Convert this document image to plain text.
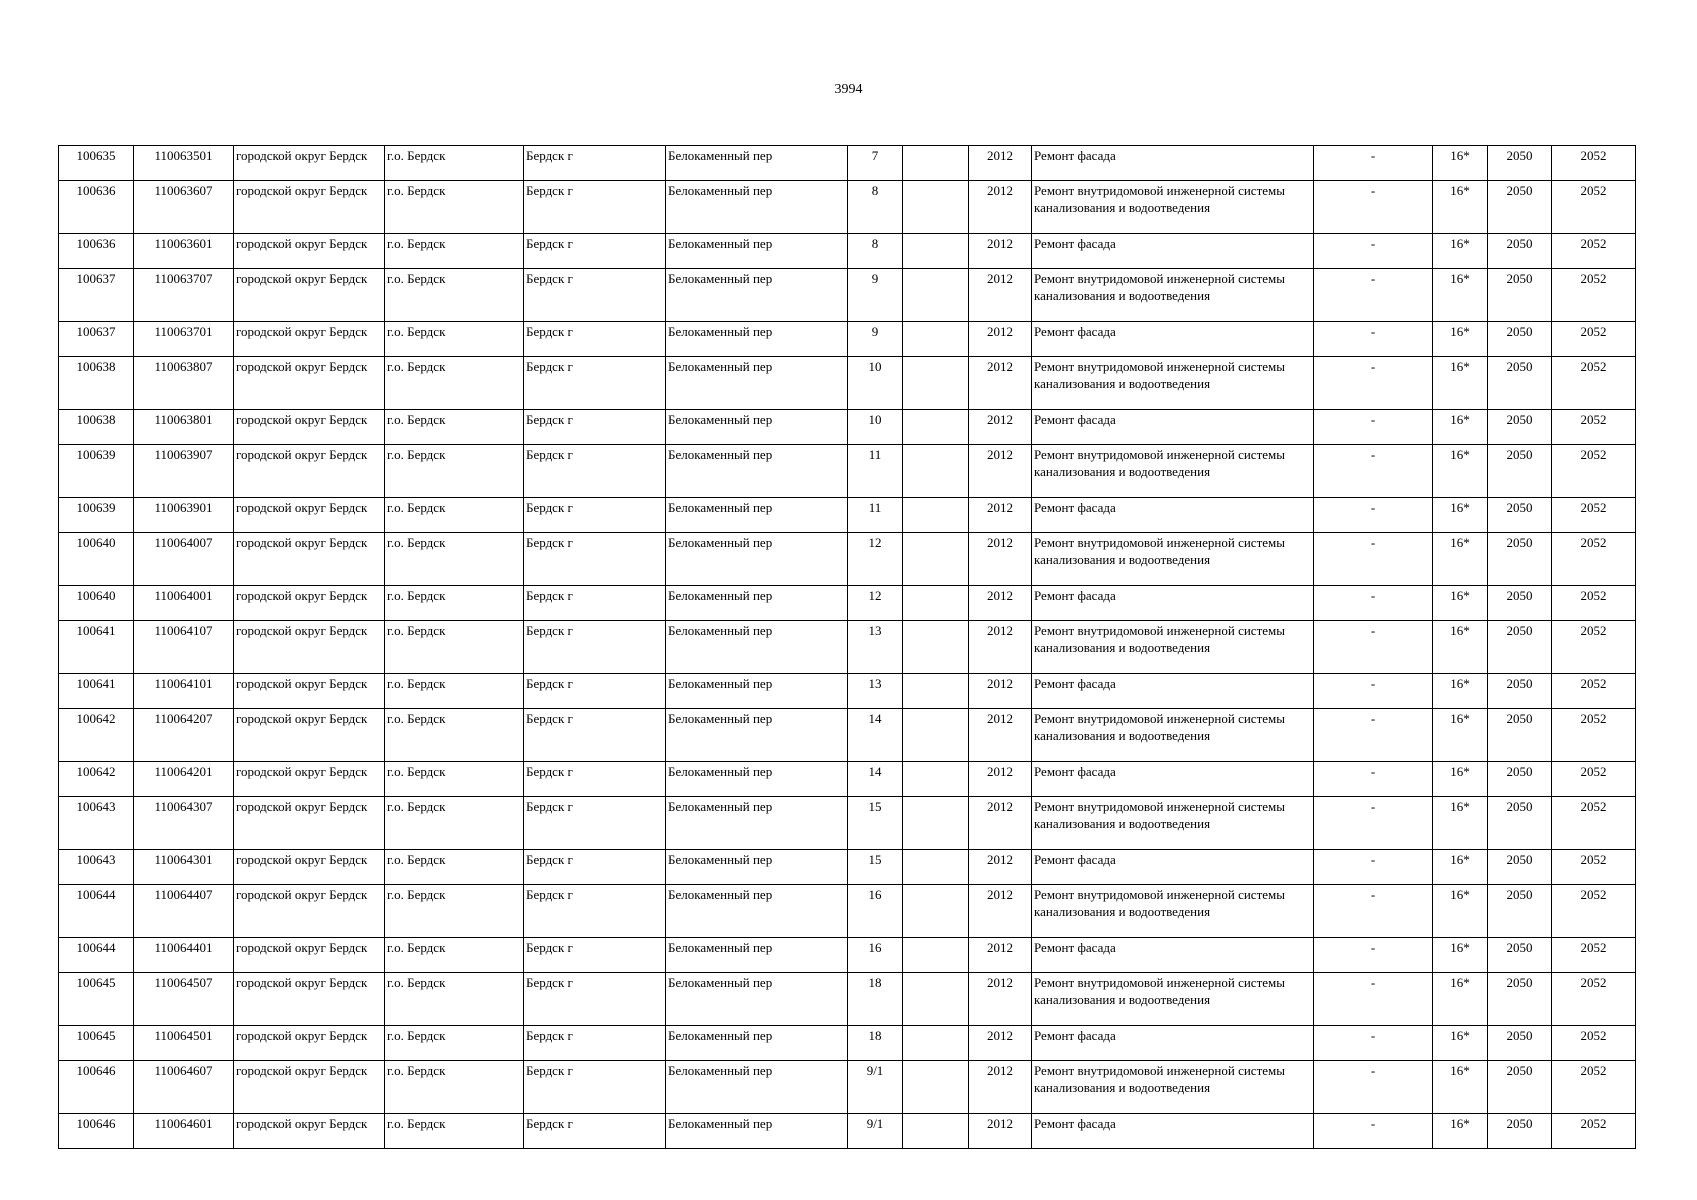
3994
100635	110063501	городской округ Бердск	г.о. Бердск	Бердск г	Белокаменный пер	7		2012	Ремонт фасада	-	16*	2050	2052
100636	110063607	городской округ Бердск	г.о. Бердск	Бердск г	Белокаменный пер	8		2012	Ремонт внутридомовой инженерной системы канализования и водоотведения	-	16*	2050	2052
100636	110063601	городской округ Бердск	г.о. Бердск	Бердск г	Белокаменный пер	8		2012	Ремонт фасада	-	16*	2050	2052
100637	110063707	городской округ Бердск	г.о. Бердск	Бердск г	Белокаменный пер	9		2012	Ремонт внутридомовой инженерной системы канализования и водоотведения	-	16*	2050	2052
100637	110063701	городской округ Бердск	г.о. Бердск	Бердск г	Белокаменный пер	9		2012	Ремонт фасада	-	16*	2050	2052
100638	110063807	городской округ Бердск	г.о. Бердск	Бердск г	Белокаменный пер	10		2012	Ремонт внутридомовой инженерной системы канализования и водоотведения	-	16*	2050	2052
100638	110063801	городской округ Бердск	г.о. Бердск	Бердск г	Белокаменный пер	10		2012	Ремонт фасада	-	16*	2050	2052
100639	110063907	городской округ Бердск	г.о. Бердск	Бердск г	Белокаменный пер	11		2012	Ремонт внутридомовой инженерной системы канализования и водоотведения	-	16*	2050	2052
100639	110063901	городской округ Бердск	г.о. Бердск	Бердск г	Белокаменный пер	11		2012	Ремонт фасада	-	16*	2050	2052
100640	110064007	городской округ Бердск	г.о. Бердск	Бердск г	Белокаменный пер	12		2012	Ремонт внутридомовой инженерной системы канализования и водоотведения	-	16*	2050	2052
100640	110064001	городской округ Бердск	г.о. Бердск	Бердск г	Белокаменный пер	12		2012	Ремонт фасада	-	16*	2050	2052
100641	110064107	городской округ Бердск	г.о. Бердск	Бердск г	Белокаменный пер	13		2012	Ремонт внутридомовой инженерной системы канализования и водоотведения	-	16*	2050	2052
100641	110064101	городской округ Бердск	г.о. Бердск	Бердск г	Белокаменный пер	13		2012	Ремонт фасада	-	16*	2050	2052
100642	110064207	городской округ Бердск	г.о. Бердск	Бердск г	Белокаменный пер	14		2012	Ремонт внутридомовой инженерной системы канализования и водоотведения	-	16*	2050	2052
100642	110064201	городской округ Бердск	г.о. Бердск	Бердск г	Белокаменный пер	14		2012	Ремонт фасада	-	16*	2050	2052
100643	110064307	городской округ Бердск	г.о. Бердск	Бердск г	Белокаменный пер	15		2012	Ремонт внутридомовой инженерной системы канализования и водоотведения	-	16*	2050	2052
100643	110064301	городской округ Бердск	г.о. Бердск	Бердск г	Белокаменный пер	15		2012	Ремонт фасада	-	16*	2050	2052
100644	110064407	городской округ Бердск	г.о. Бердск	Бердск г	Белокаменный пер	16		2012	Ремонт внутридомовой инженерной системы канализования и водоотведения	-	16*	2050	2052
100644	110064401	городской округ Бердск	г.о. Бердск	Бердск г	Белокаменный пер	16		2012	Ремонт фасада	-	16*	2050	2052
100645	110064507	городской округ Бердск	г.о. Бердск	Бердск г	Белокаменный пер	18		2012	Ремонт внутридомовой инженерной системы канализования и водоотведения	-	16*	2050	2052
100645	110064501	городской округ Бердск	г.о. Бердск	Бердск г	Белокаменный пер	18		2012	Ремонт фасада	-	16*	2050	2052
100646	110064607	городской округ Бердск	г.о. Бердск	Бердск г	Белокаменный пер	9/1		2012	Ремонт внутридомовой инженерной системы канализования и водоотведения	-	16*	2050	2052
100646	110064601	городской округ Бердск	г.о. Бердск	Бердск г	Белокаменный пер	9/1		2012	Ремонт фасада	-	16*	2050	2052
